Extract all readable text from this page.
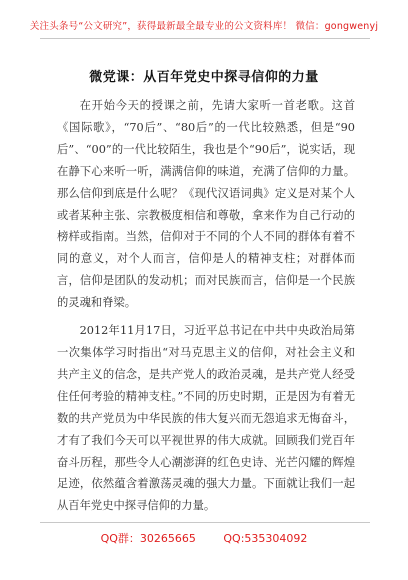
关注头条号“公文研究”，获得最新最全最专业的公文资料库！ 微信：gongwenyj
微党课：从百年党史中探寻信仰的力量

在开始今天的授课之前，先请大家听一首老歌。这首《国际歌》，“70后”、“80后”的一代比较熟悉，但是“90后”、“00”的一代比较陌生，我也是个“90后”，说实话，现在静下心来听一听，满满信仰的味道，充满了信仰的力量。那么信仰到底是什么呢？《现代汉语词典》定义是对某个人或者某种主张、宗教极度相信和尊敬，拿来作为自己行动的榜样或指南。当然，信仰对于不同的个人不同的群体有着不同的意义，对个人而言，信仰是人的精神支柱；对群体而言，信仰是团队的发动机；而对民族而言，信仰是一个民族的灵魂和脊梁。

2012年11月17日，习近平总书记在中共中央政治局第一次集体学习时指出“对马克思主义的信仰，对社会主义和共产主义的信念，是共产党人的政治灵魂，是共产党人经受住任何考验的精神支柱。”不同的历史时期，正是因为有着无数的共产党员为中华民族的伟大复兴而无怨追求无悔奋斗，才有了我们今天可以平视世界的伟大成就。回顾我们党百年奋斗历程，那些令人心潮澎湃的红色史诗、光芒闪耀的辉煌足迹，依然蕴含着激荡灵魂的强大力量。下面就让我们一起从百年党史中探寻信仰的力量。

QQ群：30265665	QQ:535304092
